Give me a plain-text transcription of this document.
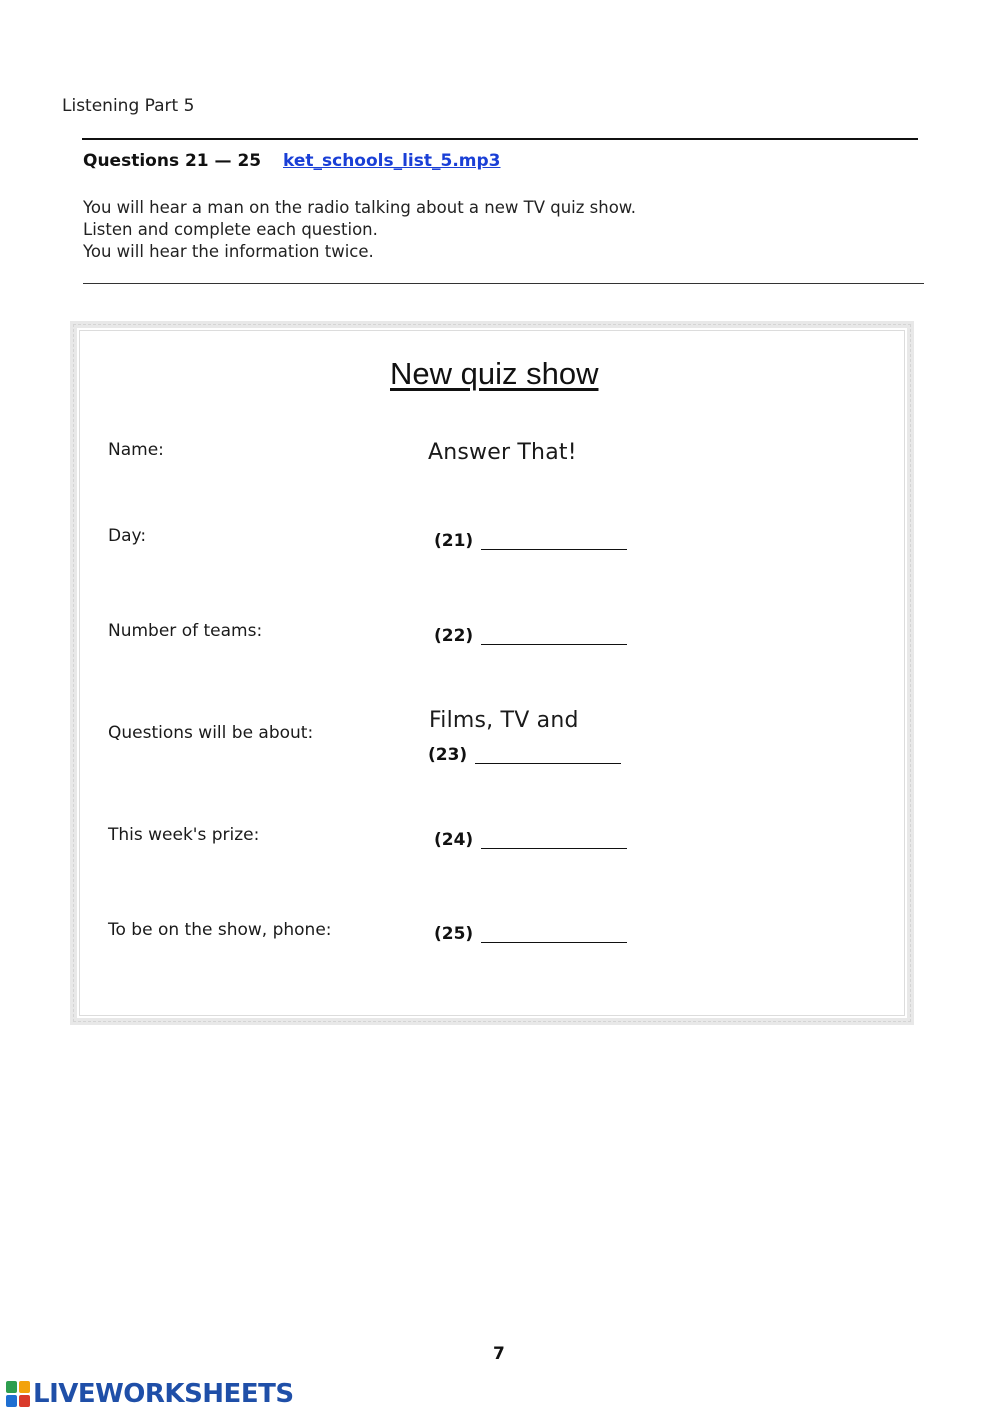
Listening Part 5
Questions 21 — 25 ket_schools_list_5.mp3
You will hear a man on the radio talking about a new TV quiz show.
Listen and complete each question.
You will hear the information twice.
New quiz show
Name:	Answer That!
Day:	(21)
Number of teams:	(22)
Questions will be about:	Films, TV and
(23)
This week's prize:	(24)
To be on the show, phone:	(25)
7
LIVEWORKSHEETS
